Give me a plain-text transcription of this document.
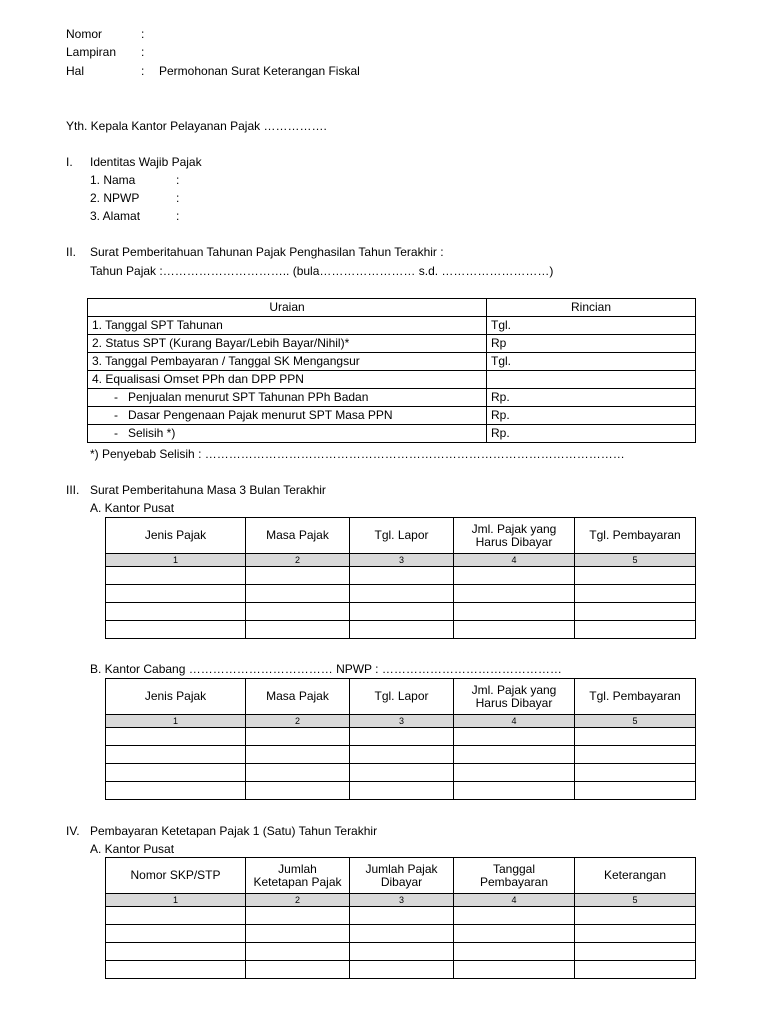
Nomor	:
Lampiran :
Hal	: Permohonan Surat Keterangan Fiskal
Yth. Kepala Kantor Pelayanan Pajak …………….
I. Identitas Wajib Pajak
1. Nama	:
2. NPWP	:
3. Alamat	:
II. Surat Pemberitahuan Tahunan Pajak Penghasilan Tahun Terakhir :
Tahun Pajak :………………………….. (bula…………………… s.d. ………………………)
Uraian	Rincian
1. Tanggal SPT Tahunan	Tgl.
2. Status SPT (Kurang Bayar/Lebih Bayar/Nihil)*	Rp
3. Tanggal Pembayaran / Tanggal SK Mengangsur	Tgl.
4. Equalisasi Omset PPh dan DPP PPN	
- Penjualan menurut SPT Tahunan PPh Badan	Rp.
- Dasar Pengenaan Pajak menurut SPT Masa PPN	Rp.
- Selisih *)	Rp.
*) Penyebab Selisih : ……………………………………………………………………………………………
III. Surat Pemberitahuna Masa 3 Bulan Terakhir
A. Kantor Pusat
Jenis Pajak	Masa Pajak	Tgl. Lapor	Jml. Pajak yang Harus Dibayar	Tgl. Pembayaran
1	2	3	4	5

B. Kantor Cabang ……………………………… NPWP : ………………………………………
Jenis Pajak	Masa Pajak	Tgl. Lapor	Jml. Pajak yang Harus Dibayar	Tgl. Pembayaran
1	2	3	4	5

IV. Pembayaran Ketetapan Pajak 1 (Satu) Tahun Terakhir
A. Kantor Pusat
Nomor SKP/STP	Jumlah Ketetapan Pajak	Jumlah Pajak Dibayar	Tanggal Pembayaran	Keterangan
1	2	3	4	5
